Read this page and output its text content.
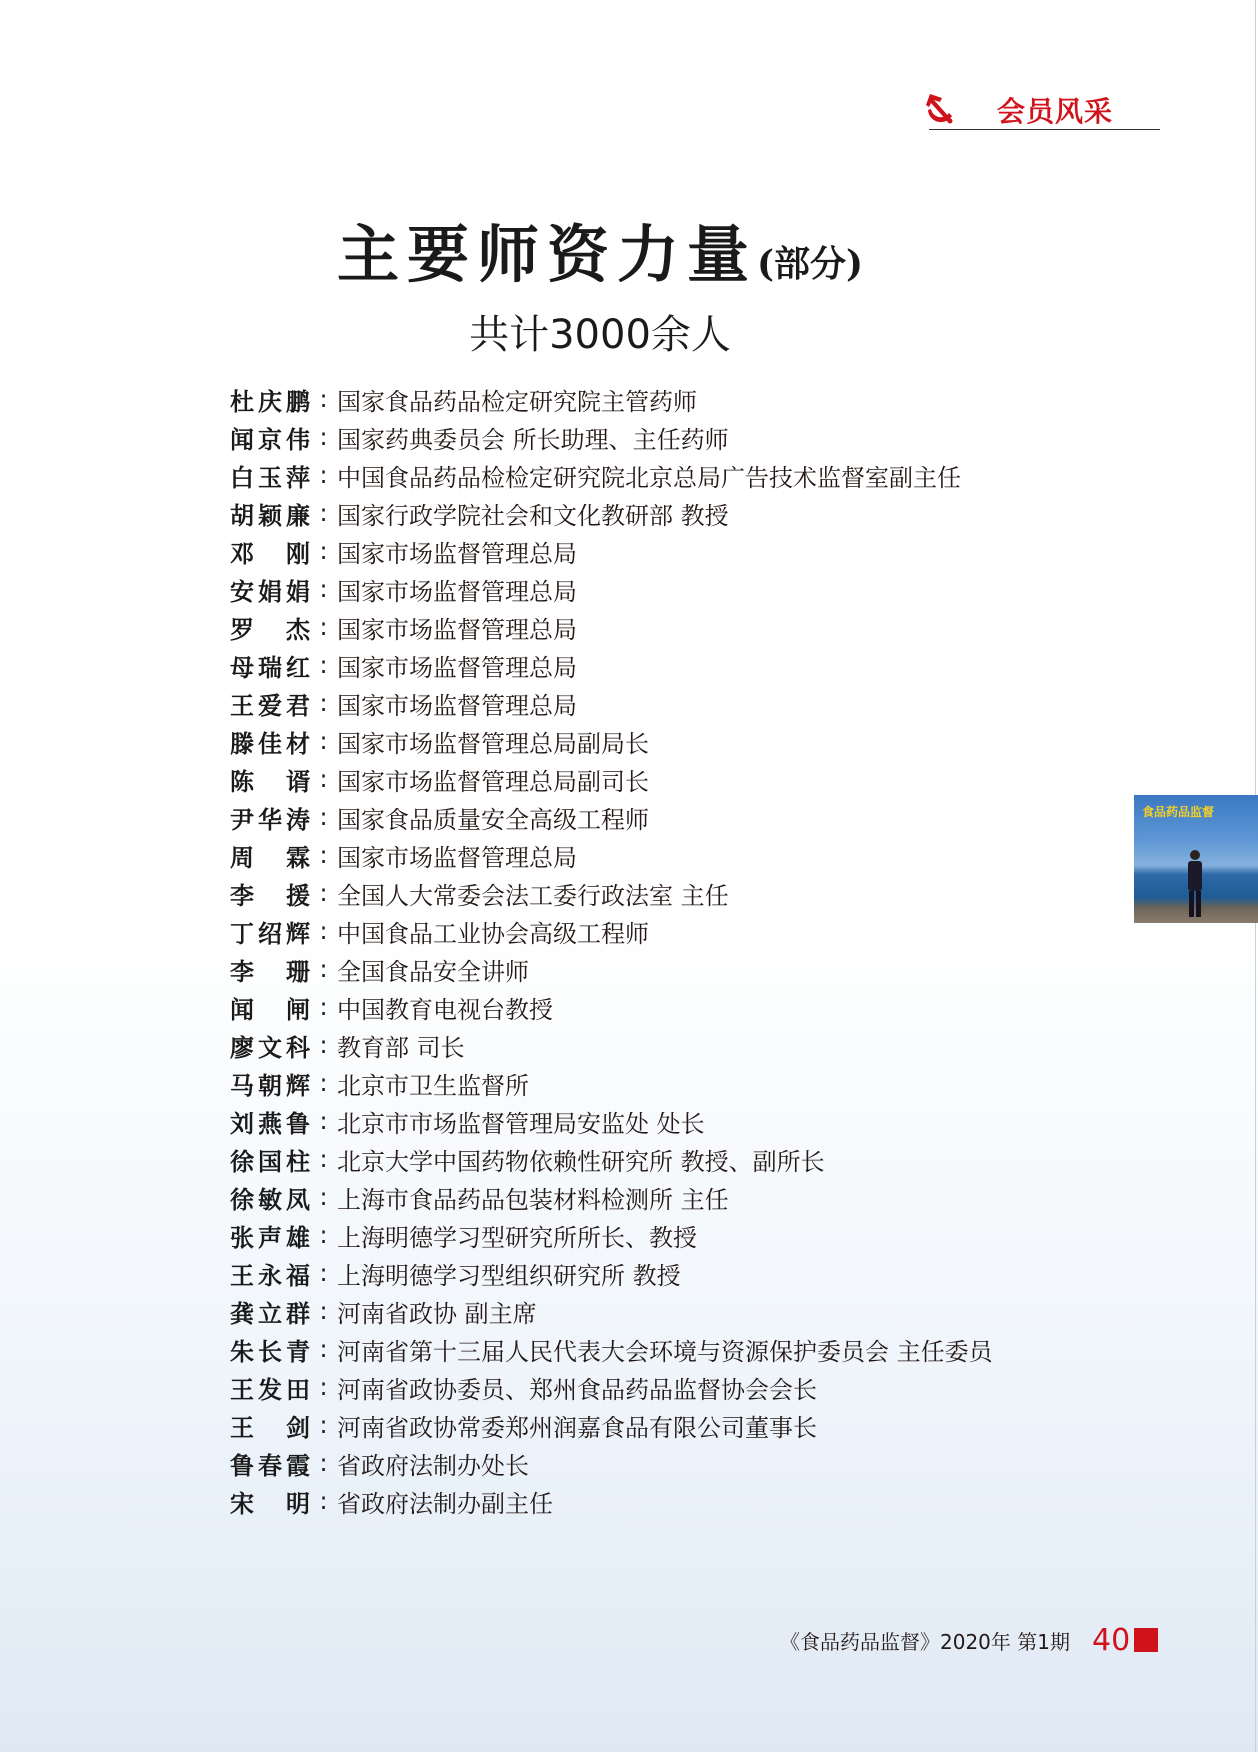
会员风采
主要师资力量(部分)
共计3000余人
杜庆鹏 : 国家食品药品检定研究院主管药师
闻京伟 : 国家药典委员会 所长助理、主任药师
白玉萍 : 中国食品药品检检定研究院北京总局广告技术监督室副主任
胡颖廉 : 国家行政学院社会和文化教研部 教授
邓 刚 : 国家市场监督管理总局
安娟娟 : 国家市场监督管理总局
罗 杰 : 国家市场监督管理总局
母瑞红 : 国家市场监督管理总局
王爱君 : 国家市场监督管理总局
滕佳材 : 国家市场监督管理总局副局长
陈 谞 : 国家市场监督管理总局副司长
尹华涛 : 国家食品质量安全高级工程师
周 霖 : 国家市场监督管理总局
李 援 : 全国人大常委会法工委行政法室 主任
丁绍辉 : 中国食品工业协会高级工程师
李 珊 : 全国食品安全讲师
闻 闸 : 中国教育电视台教授
廖文科 : 教育部 司长
马朝辉 : 北京市卫生监督所
刘燕鲁 : 北京市市场监督管理局安监处 处长
徐国柱 : 北京大学中国药物依赖性研究所 教授、副所长
徐敏凤 : 上海市食品药品包装材料检测所 主任
张声雄 : 上海明德学习型研究所所长、教授
王永福 : 上海明德学习型组织研究所 教授
龚立群 : 河南省政协 副主席
朱长青 : 河南省第十三届人民代表大会环境与资源保护委员会 主任委员
王发田 : 河南省政协委员、郑州食品药品监督协会会长
王 剑 : 河南省政协常委郑州润嘉食品有限公司董事长
鲁春霞 : 省政府法制办处长
宋 明 : 省政府法制办副主任
食品药品监督
《食品药品监督》2020年 第1期 40
